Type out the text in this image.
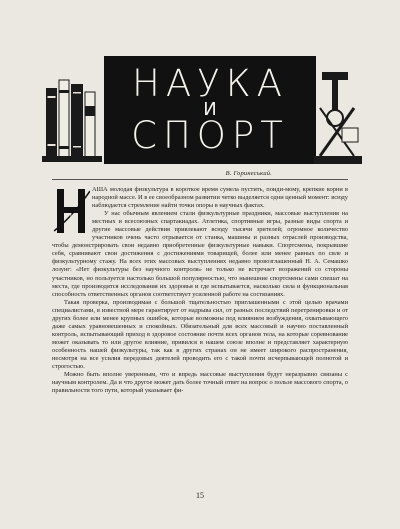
НАУКА
И
СПОРТ
В. Горинеський.
Н

АША молодая физкультура в короткое время сумела пустить, поиди-мому, крепкие корни в народной массе. И в ее своеобразном развитии четко выделяется одни ценный момент: всюду наблюдается стремление найти точки опоры в научных фактах.

У нас обычным явлением стали физкультурные праздники, массовые выступления на местных и всесоюзных спартакиадах. Атлетика, спортивные игры, разные виды спорта и другие массовые действия привлекают всюду тысячи зрителей; огромное количество участников очень часто отрывается от станка, машины и разных отраслей производства, чтобы демонстрировать свои недавно приобретенные физкультурные навыки. Спортсмены, покрывшие себя, сравнивают свои достижения с достижениями товарищей, более или менее равных по силе и физкультурному стажу. На всех этих массовых выступлениях недавно провозглашенный Н. А. Семашко лозунг: «Нет физкультуры без научного контроля» не только не встречает возражений со стороны участников, но пользуется настолько большой популярностью, что нынешние спортсмены сами спешат на места, где производятся исследования их здоровья и где испытывается, насколько сила и функциональная способность ответственных органов соответствует усиленной работе на состязаниях.

Такая проверка, производимая с большой тщательностью приглашенными с этой целью врачами специалистами, в известной мере гарантирует от надрыва сил, от разных последствий перетренировки и от других более или менее крупных ошибок, которые возможны под влиянием возбуждения, охватывающего даже самых уравновешенных и спокойных. Обязательный для всех массовый и научно поставленный контроль, испытывающий приход в здоровое состояние почти всех органов тела, на которые соревнование может оказывать то или другое влияние, привился в нашем союзе вполне и представляет характерную особенность нашей физкультуры, так как в других странах он не имеет широкого распространения, несмотря на все усилия передовых деятелей проводить его с такой почти исчерпывающей полнотой и строгостью.

Можно быть вполне уверенным, что и впредь массовые выступления будут неразрывно связаны с научным контролем. Да и что другое может дать более точный ответ на вопрос о пользе массового спорта, о правильности того пути, который указывает фи-

15
